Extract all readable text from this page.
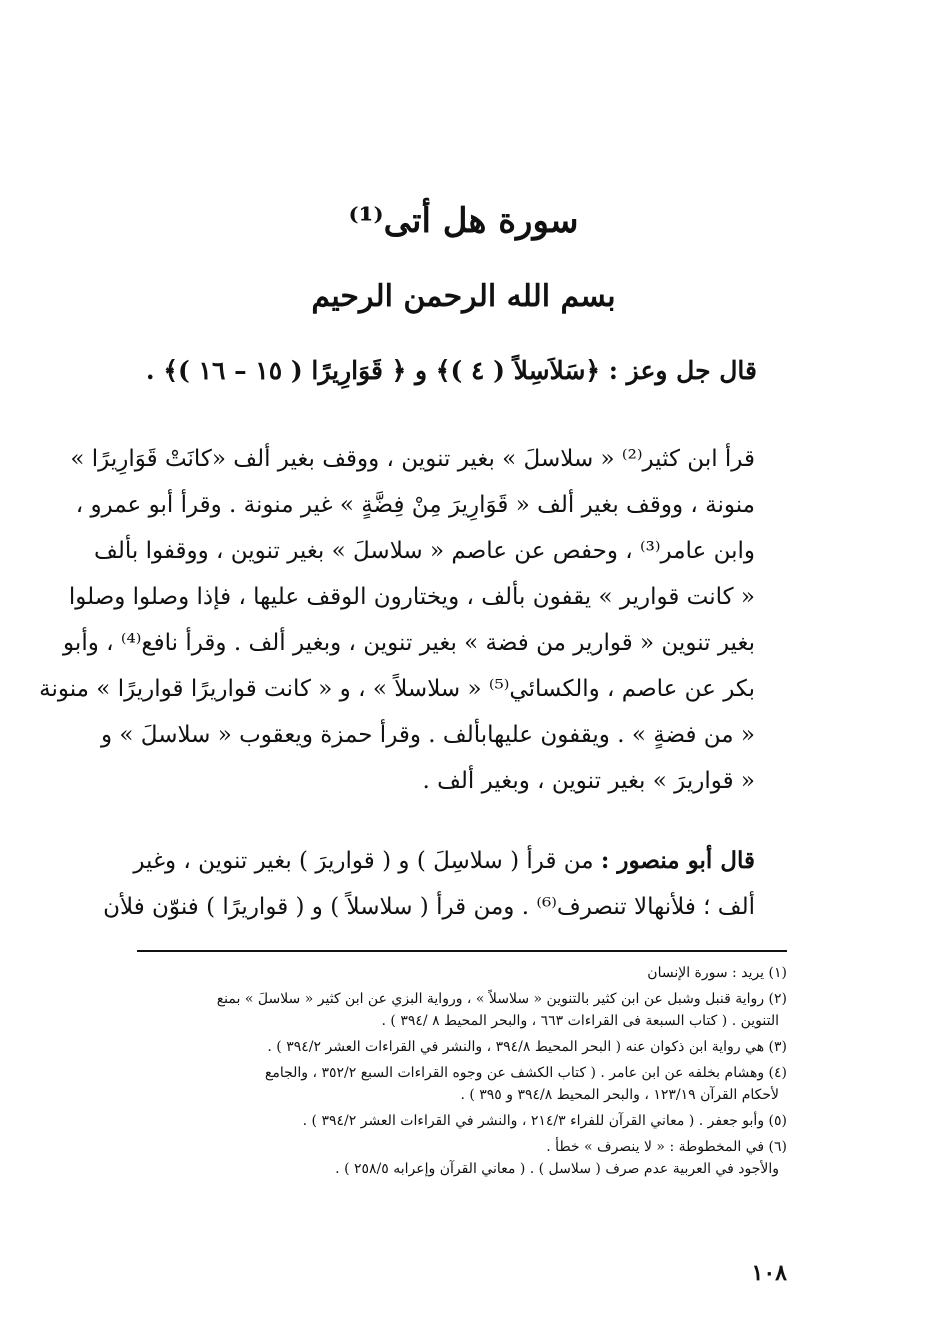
سورة هل أتى⁽¹⁾
بسم الله الرحمن الرحيم
قال جل وعز : ﴿سَلاَسِلاً ( ٤ )﴾ و ﴿ قَوَارِيرًا ( ١٥ – ١٦ )﴾ .

قرأ ابن كثير⁽²⁾ « سلاسلَ » بغير تنوين ، ووقف بغير ألف «كانَتْ قَوَارِيرًا »

منونة ، ووقف بغير ألف « قَوَارِيرَ مِنْ فِضَّةٍ » غير منونة . وقرأ أبو عمرو ،

وابن عامر⁽³⁾ ، وحفص عن عاصم « سلاسلَ » بغير تنوين ، ووقفوا بألف

« كانت قوارير » يقفون بألف ، ويختارون الوقف عليها ، فإذا وصلوا وصلوا

بغير تنوين « قوارير من فضة » بغير تنوين ، وبغير ألف . وقرأ نافع⁽⁴⁾ ، وأبو

بكر عن عاصم ، والكسائي⁽⁵⁾ « سلاسلاً » ، و « كانت قواريرًا قواريرًا » منونة

« من فضةٍ » . ويقفون عليهابألف . وقرأ حمزة ويعقوب « سلاسلَ » و

« قواريرَ » بغير تنوين ، وبغير ألف .

قال أبو منصور : من قرأ ( سلاسِلَ ) و ( قواريرَ ) بغير تنوين ، وغير

ألف ؛ فلأنهالا تنصرف⁽⁶⁾ . ومن قرأ ( سلاسلاً ) و ( قواريرًا ) فنوّن فلأن

(١) يريد : سورة الإنسان

(٢) رواية قنبل وشبل عن ابن كثير بالتنوين « سلاسلاً » ، ورواية البزي عن ابن كثير « سلاسلَ » بمنع

التنوين . ( كتاب السبعة فى القراءات ٦٦٣ ، والبحر المحيط ٨ /٣٩٤ ) .

(٣) هي رواية ابن ذكوان عنه ( البحر المحيط ٣٩٤/٨ ، والنشر في القراءات العشر ٣٩٤/٢ ) .

(٤) وهشام بخلفه عن ابن عامر . ( كتاب الكشف عن وجوه القراءات السبع ٣٥٢/٢ ، والجامع

لأحكام القرآن ١٢٣/١٩ ، والبحر المحيط ٣٩٤/٨ و ٣٩٥ ) .

(٥) وأبو جعفر . ( معاني القرآن للفراء ٢١٤/٣ ، والنشر في القراءات العشر ٣٩٤/٢ ) .

(٦) في المخطوطة : « لا ينصرف » خطأ .

والأجود في العربية عدم صرف ( سلاسل ) . ( معاني القرآن وإعرابه ٢٥٨/٥ ) .

١٠٨
